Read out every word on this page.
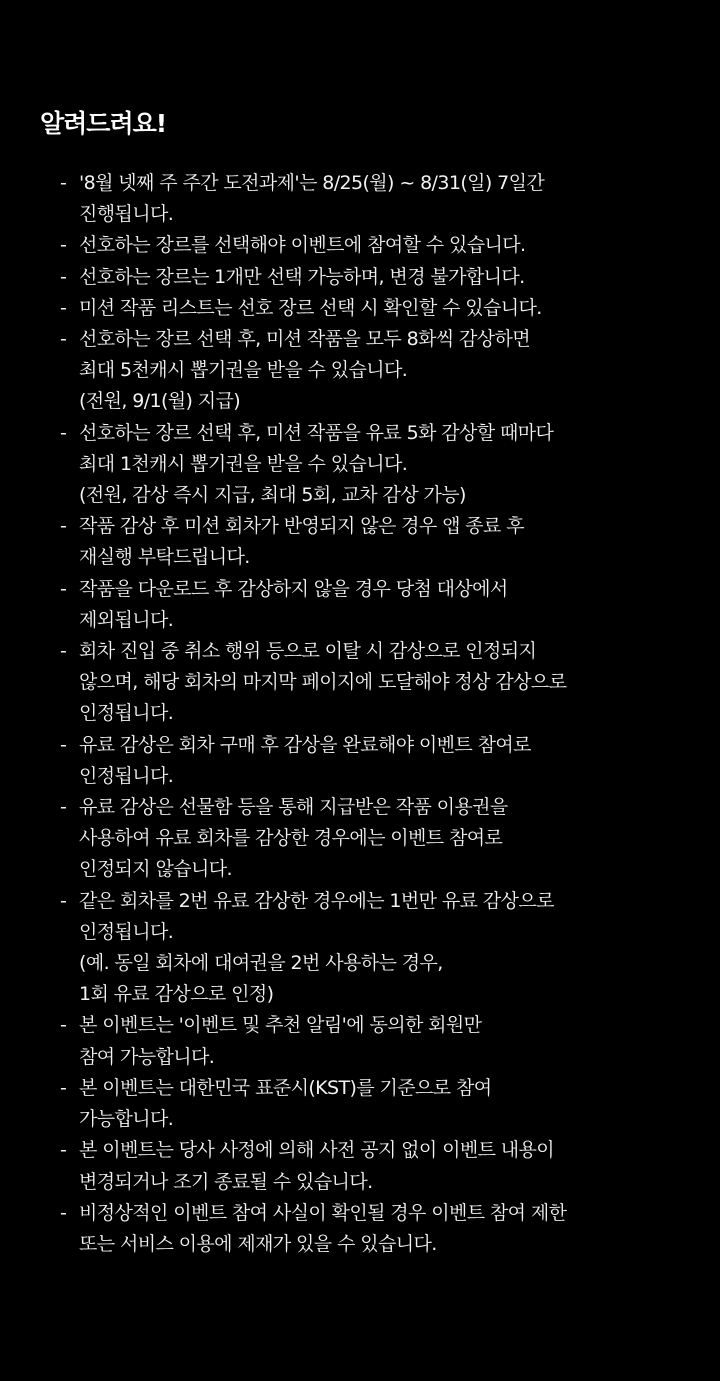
알려드려요!
- '8월 넷째 주 주간 도전과제'는 8/25(월) ~ 8/31(일) 7일간
진행됩니다.
- 선호하는 장르를 선택해야 이벤트에 참여할 수 있습니다.
- 선호하는 장르는 1개만 선택 가능하며, 변경 불가합니다.
- 미션 작품 리스트는 선호 장르 선택 시 확인할 수 있습니다.
- 선호하는 장르 선택 후, 미션 작품을 모두 8화씩 감상하면
최대 5천캐시 뽑기권을 받을 수 있습니다.
(전원, 9/1(월) 지급)
- 선호하는 장르 선택 후, 미션 작품을 유료 5화 감상할 때마다
최대 1천캐시 뽑기권을 받을 수 있습니다.
(전원, 감상 즉시 지급, 최대 5회, 교차 감상 가능)
- 작품 감상 후 미션 회차가 반영되지 않은 경우 앱 종료 후
재실행 부탁드립니다.
- 작품을 다운로드 후 감상하지 않을 경우 당첨 대상에서
제외됩니다.
- 회차 진입 중 취소 행위 등으로 이탈 시 감상으로 인정되지
않으며, 해당 회차의 마지막 페이지에 도달해야 정상 감상으로
인정됩니다.
- 유료 감상은 회차 구매 후 감상을 완료해야 이벤트 참여로
인정됩니다.
- 유료 감상은 선물함 등을 통해 지급받은 작품 이용권을
사용하여 유료 회차를 감상한 경우에는 이벤트 참여로
인정되지 않습니다.
- 같은 회차를 2번 유료 감상한 경우에는 1번만 유료 감상으로
인정됩니다.
(예. 동일 회차에 대여권을 2번 사용하는 경우,
1회 유료 감상으로 인정)
- 본 이벤트는 '이벤트 및 추천 알림'에 동의한 회원만
참여 가능합니다.
- 본 이벤트는 대한민국 표준시(KST)를 기준으로 참여
가능합니다.
- 본 이벤트는 당사 사정에 의해 사전 공지 없이 이벤트 내용이
변경되거나 조기 종료될 수 있습니다.
- 비정상적인 이벤트 참여 사실이 확인될 경우 이벤트 참여 제한
또는 서비스 이용에 제재가 있을 수 있습니다.
